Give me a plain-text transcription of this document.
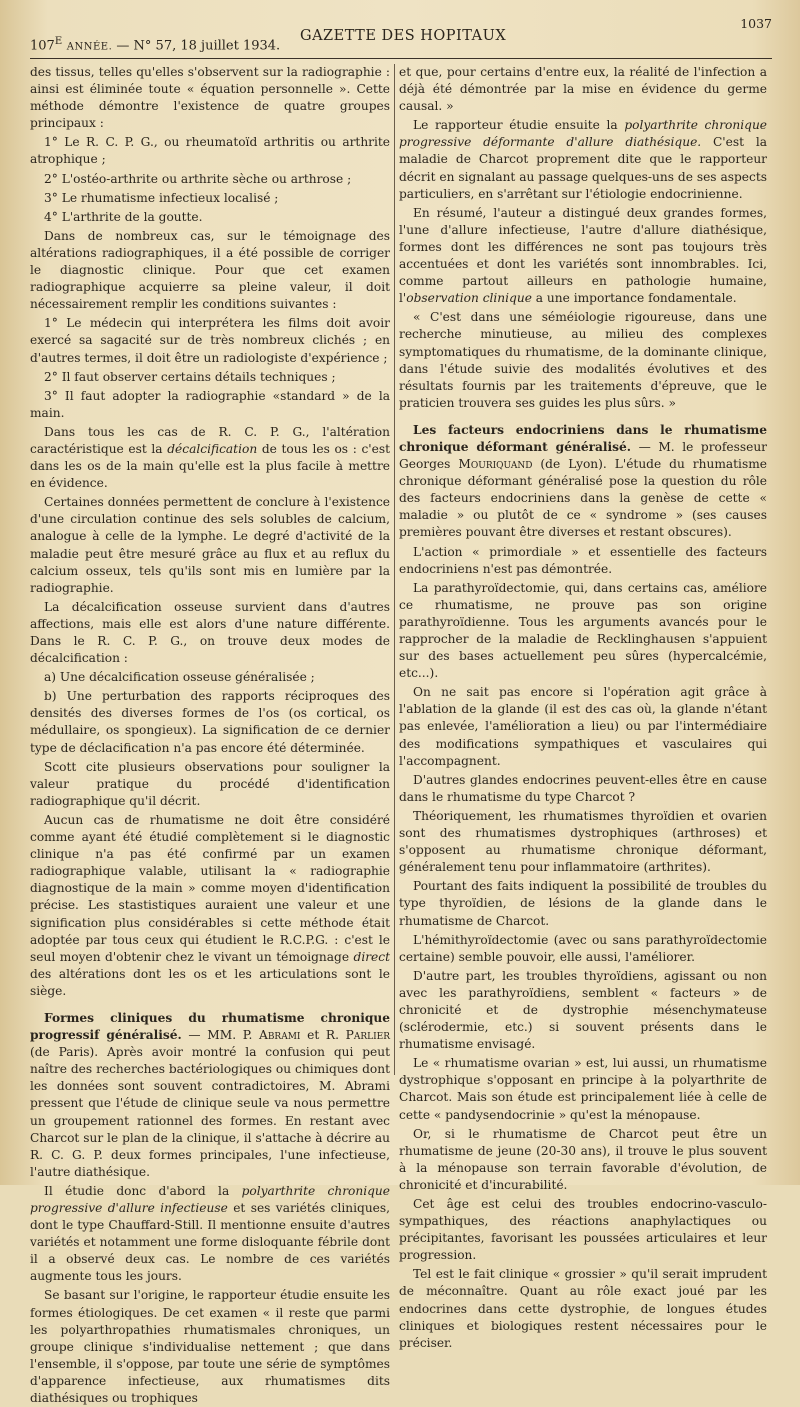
$107^E$ ANNÉE. — N° 57, 18 juillet 1934.
GAZETTE DES HOPITAUX
1037

des tissus, telles qu'elles s'observent sur la radiographie : ainsi est éliminée toute « équation personnelle ». Cette méthode démontre l'existence de quatre groupes principaux :

1° Le R. C. P. G., ou rheumatoïd arthritis ou arthrite atrophique ;

2° L'ostéo-arthrite ou arthrite sèche ou arthrose ;

3° Le rhumatisme infectieux localisé ;

4° L'arthrite de la goutte.

Dans de nombreux cas, sur le témoignage des altérations radiographiques, il a été possible de corriger le diagnostic clinique. Pour que cet examen radiographique acquierre sa pleine valeur, il doit nécessairement remplir les conditions suivantes :

1° Le médecin qui interprétera les films doit avoir exercé sa sagacité sur de très nombreux clichés ; en d'autres termes, il doit être un radiologiste d'expérience ;

2° Il faut observer certains détails techniques ;

3° Il faut adopter la radiographie «standard » de la main.

Dans tous les cas de R. C. P. G., l'altération caractéristique est la décalcification de tous les os : c'est dans les os de la main qu'elle est la plus facile à mettre en évidence.

Certaines données permettent de conclure à l'existence d'une circulation continue des sels solubles de calcium, analogue à celle de la lymphe. Le degré d'activité de la maladie peut être mesuré grâce au flux et au reflux du calcium osseux, tels qu'ils sont mis en lumière par la radiographie.

La décalcification osseuse survient dans d'autres affections, mais elle est alors d'une nature différente. Dans le R. C. P. G., on trouve deux modes de décalcification :

a) Une décalcification osseuse généralisée ;

b) Une perturbation des rapports réciproques des densités des diverses formes de l'os (os cortical, os médullaire, os spongieux). La signification de ce dernier type de déclacification n'a pas encore été déterminée.

Scott cite plusieurs observations pour souligner la valeur pratique du procédé d'identification radiographique qu'il décrit.

Aucun cas de rhumatisme ne doit être considéré comme ayant été étudié complètement si le diagnostic clinique n'a pas été confirmé par un examen radiographique valable, utilisant la « radiographie diagnostique de la main » comme moyen d'identification précise. Les stastistiques auraient une valeur et une signification plus considérables si cette méthode était adoptée par tous ceux qui étudient le R.C.P.G. : c'est le seul moyen d'obtenir chez le vivant un témoignage direct des altérations dont les os et les articulations sont le siège.

Formes cliniques du rhumatisme chronique progressif généralisé. — MM. P. Abrami et R. Parlier (de Paris). Après avoir montré la confusion qui peut naître des recherches bactériologiques ou chimiques dont les données sont souvent contradictoires, M. Abrami pressent que l'étude de clinique seule va nous permettre un groupement rationnel des formes. En restant avec Charcot sur le plan de la clinique, il s'attache à décrire au R. C. G. P. deux formes principales, l'une infectieuse, l'autre diathésique.

Il étudie donc d'abord la polyarthrite chronique progressive d'allure infectieuse et ses variétés cliniques, dont le type Chauffard-Still. Il mentionne ensuite d'autres variétés et notamment une forme disloquante fébrile dont il a observé deux cas. Le nombre de ces variétés augmente tous les jours.

Se basant sur l'origine, le rapporteur étudie ensuite les formes étiologiques. De cet examen « il reste que parmi les polyarthropathies rhumatismales chroniques, un groupe clinique s'individualise nettement ; que dans l'ensemble, il s'oppose, par toute une série de symptômes d'apparence infectieuse, aux rhumatismes dits diathésiques ou trophiques

et que, pour certains d'entre eux, la réalité de l'infection a déjà été démontrée par la mise en évidence du germe causal. »

Le rapporteur étudie ensuite la polyarthrite chronique progressive déformante d'allure diathésique. C'est la maladie de Charcot proprement dite que le rapporteur décrit en signalant au passage quelques-uns de ses aspects particuliers, en s'arrêtant sur l'étiologie endocrinienne.

En résumé, l'auteur a distingué deux grandes formes, l'une d'allure infectieuse, l'autre d'allure diathésique, formes dont les différences ne sont pas toujours très accentuées et dont les variétés sont innombrables. Ici, comme partout ailleurs en pathologie humaine, l'observation clinique a une importance fondamentale.

« C'est dans une séméiologie rigoureuse, dans une recherche minutieuse, au milieu des complexes symptomatiques du rhumatisme, de la dominante clinique, dans l'étude suivie des modalités évolutives et des résultats fournis par les traitements d'épreuve, que le praticien trouvera ses guides les plus sûrs. »

Les facteurs endocriniens dans le rhumatisme chronique déformant généralisé. — M. le professeur Georges Mouriquand (de Lyon). L'étude du rhumatisme chronique déformant généralisé pose la question du rôle des facteurs endocriniens dans la genèse de cette « maladie » ou plutôt de ce « syndrome » (ses causes premières pouvant être diverses et restant obscures).

L'action « primordiale » et essentielle des facteurs endocriniens n'est pas démontrée.

La parathyroïdectomie, qui, dans certains cas, améliore ce rhumatisme, ne prouve pas son origine parathyroïdienne. Tous les arguments avancés pour le rapprocher de la maladie de Recklinghausen s'appuient sur des bases actuellement peu sûres (hypercalcémie, etc...).

On ne sait pas encore si l'opération agit grâce à l'ablation de la glande (il est des cas où, la glande n'étant pas enlevée, l'amélioration a lieu) ou par l'intermédiaire des modifications sympathiques et vasculaires qui l'accompagnent.

D'autres glandes endocrines peuvent-elles être en cause dans le rhumatisme du type Charcot ?

Théoriquement, les rhumatismes thyroïdien et ovarien sont des rhumatismes dystrophiques (arthroses) et s'opposent au rhumatisme chronique déformant, généralement tenu pour inflammatoire (arthrites).

Pourtant des faits indiquent la possibilité de troubles du type thyroïdien, de lésions de la glande dans le rhumatisme de Charcot.

L'hémithyroïdectomie (avec ou sans parathyroïdectomie certaine) semble pouvoir, elle aussi, l'améliorer.

D'autre part, les troubles thyroïdiens, agissant ou non avec les parathyroïdiens, semblent « facteurs » de chronicité et de dystrophie mésenchymateuse (sclérodermie, etc.) si souvent présents dans le rhumatisme envisagé.

Le « rhumatisme ovarian » est, lui aussi, un rhumatisme dystrophique s'opposant en principe à la polyarthrite de Charcot. Mais son étude est principalement liée à celle de cette « pandysendocrinie » qu'est la ménopause.

Or, si le rhumatisme de Charcot peut être un rhumatisme de jeune (20-30 ans), il trouve le plus souvent à la ménopause son terrain favorable d'évolution, de chronicité et d'incurabilité.

Cet âge est celui des troubles endocrino-vasculo-sympathiques, des réactions anaphylactiques ou précipitantes, favorisant les poussées articulaires et leur progression.

Tel est le fait clinique « grossier » qu'il serait imprudent de méconnaître. Quant au rôle exact joué par les endocrines dans cette dystrophie, de longues études cliniques et biologiques restent nécessaires pour le préciser.
